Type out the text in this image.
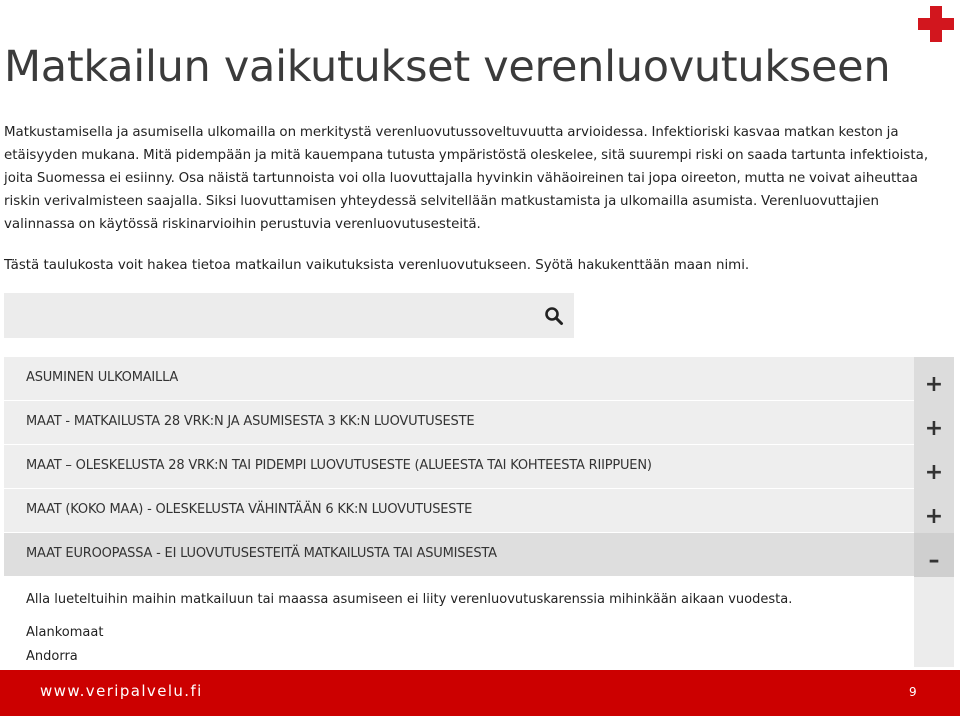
Matkailun vaikutukset verenluovutukseen
Matkustamisella ja asumisella ulkomailla on merkitystä verenluovutussoveltuvuutta arvioidessa. Infektioriski kasvaa matkan keston ja etäisyyden mukana. Mitä pidempään ja mitä kauempana tutusta ympäristöstä oleskelee, sitä suurempi riski on saada tartunta infektioista, joita Suomessa ei esiinny. Osa näistä tartunnoista voi olla luovuttajalla hyvinkin vähäoireinen tai jopa oireeton, mutta ne voivat aiheuttaa riskin verivalmisteen saajalla. Siksi luovuttamisen yhteydessä selvitellään matkustamista ja ulkomailla asumista. Verenluovuttajien valinnassa on käytössä riskinarvioihin perustuvia verenluovutusesteitä.
Tästä taulukosta voit hakea tietoa matkailun vaikutuksista verenluovutukseen. Syötä hakukenttään maan nimi.
ASUMINEN ULKOMAILLA	+
MAAT - MATKAILUSTA 28 VRK:N JA ASUMISESTA 3 KK:N LUOVUTUSESTE	+
MAAT – OLESKELUSTA 28 VRK:N TAI PIDEMPI LUOVUTUSESTE (ALUEESTA TAI KOHTEESTA RIIPPUEN)	+
MAAT (KOKO MAA) - OLESKELUSTA VÄHINTÄÄN 6 KK:N LUOVUTUSESTE	+
MAAT EUROOPASSA - EI LUOVUTUSESTEITÄ MATKAILUSTA TAI ASUMISESTA	–
Alla lueteltuihin maihin matkailuun tai maassa asumiseen ei liity verenluovutuskarenssia mihinkään aikaan vuodesta.
Alankomaat
Andorra
www.veripalvelu.fi	9
